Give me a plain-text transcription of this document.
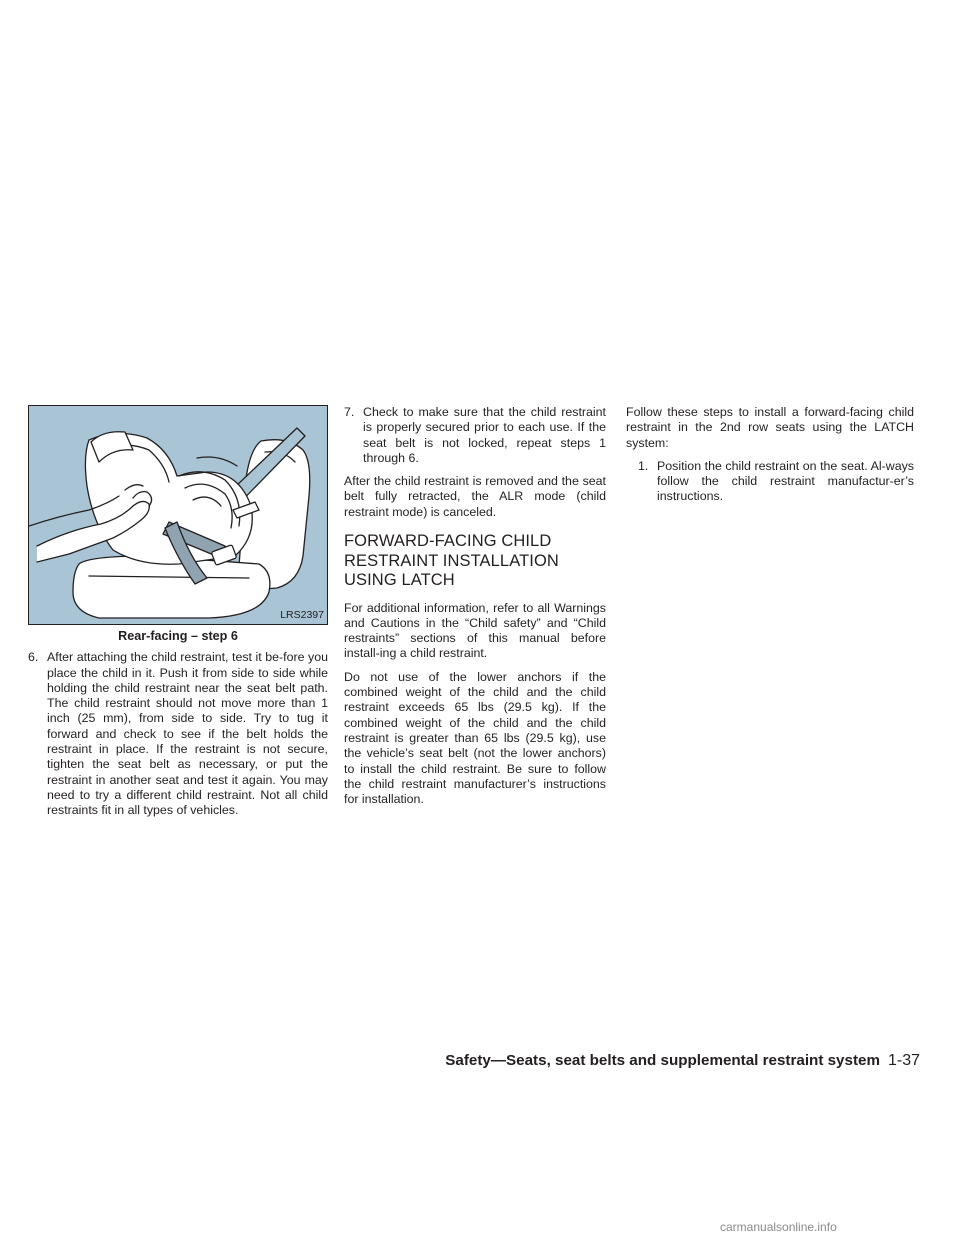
LRS2397
Rear-facing – step 6
6. After attaching the child restraint, test it be-fore you place the child in it. Push it from side to side while holding the child restraint near the seat belt path. The child restraint should not move more than 1 inch (25 mm), from side to side. Try to tug it forward and check to see if the belt holds the restraint in place. If the restraint is not secure, tighten the seat belt as necessary, or put the restraint in another seat and test it again. You may need to try a different child restraint. Not all child restraints fit in all types of vehicles.
7. Check to make sure that the child restraint is properly secured prior to each use. If the seat belt is not locked, repeat steps 1 through 6.

After the child restraint is removed and the seat belt fully retracted, the ALR mode (child restraint mode) is canceled.

FORWARD-FACING CHILD RESTRAINT INSTALLATION USING LATCH

For additional information, refer to all Warnings and Cautions in the “Child safety” and “Child restraints” sections of this manual before install-ing a child restraint.

Do not use of the lower anchors if the combined weight of the child and the child restraint exceeds 65 lbs (29.5 kg). If the combined weight of the child and the child restraint is greater than 65 lbs (29.5 kg), use the vehicle’s seat belt (not the lower anchors) to install the child restraint. Be sure to follow the child restraint manufacturer’s instructions for installation.

Follow these steps to install a forward-facing child restraint in the 2nd row seats using the LATCH system:

1. Position the child restraint on the seat. Al-ways follow the child restraint manufactur-er’s instructions.
Safety—Seats, seat belts and supplemental restraint system 1-37
carmanualsonline.info
